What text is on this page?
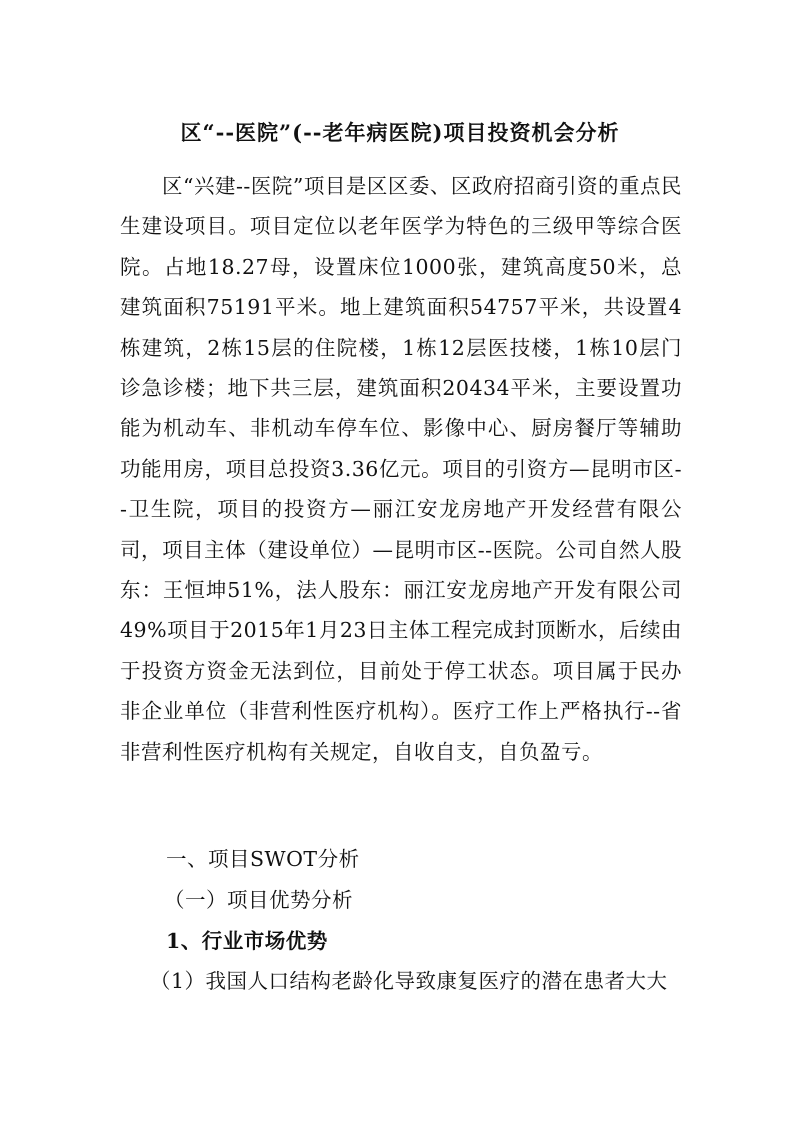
区“--医院”(--老年病医院)项目投资机会分析
区“兴建--医院”项目是区区委、区政府招商引资的重点民生建设项目。项目定位以老年医学为特色的三级甲等综合医院。占地18.27母，设置床位1000张，建筑高度50米，总建筑面积75191平米。地上建筑面积54757平米，共设置4栋建筑，2栋15层的住院楼，1栋12层医技楼，1栋10层门诊急诊楼；地下共三层，建筑面积20434平米，主要设置功能为机动车、非机动车停车位、影像中心、厨房餐厅等辅助功能用房，项目总投资3.36亿元。项目的引资方—昆明市区--卫生院，项目的投资方—丽江安龙房地产开发经营有限公司，项目主体（建设单位）—昆明市区--医院。公司自然人股东：王恒坤51%，法人股东：丽江安龙房地产开发有限公司49%项目于2015年1月23日主体工程完成封顶断水，后续由于投资方资金无法到位，目前处于停工状态。项目属于民办非企业单位（非营利性医疗机构）。医疗工作上严格执行--省非营利性医疗机构有关规定，自收自支，自负盈亏。
一、项目SWOT分析
（一）项目优势分析
1、行业市场优势
（1）我国人口结构老龄化导致康复医疗的潜在患者大大
